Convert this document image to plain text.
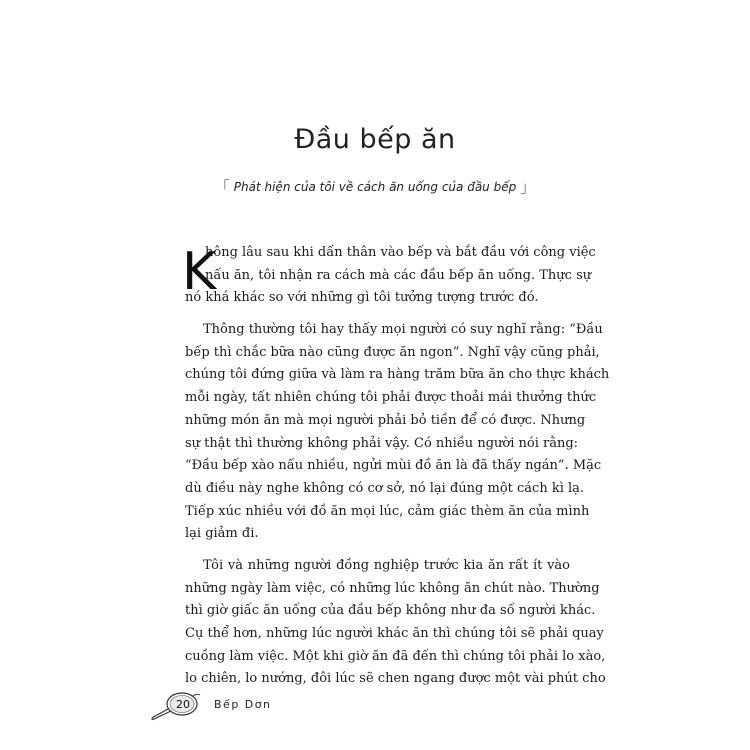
Đầu bếp ăn
「 Phát hiện của tôi về cách ăn uống của đầu bếp 」
K
hông lâu sau khi dấn thân vào bếp và bắt đầu với công việc
nấu ăn, tôi nhận ra cách mà các đầu bếp ăn uống. Thực sự
nó khá khác so với những gì tôi tưởng tượng trước đó.
Thông thường tôi hay thấy mọi người có suy nghĩ rằng: “Đầu
bếp thì chắc bữa nào cũng được ăn ngon”. Nghĩ vậy cũng phải,
chúng tôi đứng giữa và làm ra hàng trăm bữa ăn cho thực khách
mỗi ngày, tất nhiên chúng tôi phải được thoải mái thưởng thức
những món ăn mà mọi người phải bỏ tiền để có được. Nhưng
sự thật thì thường không phải vậy. Có nhiều người nói rằng:
“Đầu bếp xào nấu nhiều, ngửi mùi đồ ăn là đã thấy ngán”. Mặc
dù điều này nghe không có cơ sở, nó lại đúng một cách kì lạ.
Tiếp xúc nhiều với đồ ăn mọi lúc, cảm giác thèm ăn của mình
lại giảm đi.
Tôi và những người đồng nghiệp trước kia ăn rất ít vào
những ngày làm việc, có những lúc không ăn chút nào. Thường
thì giờ giấc ăn uống của đầu bếp không như đa số người khác.
Cụ thể hơn, những lúc người khác ăn thì chúng tôi sẽ phải quay
cuồng làm việc. Một khi giờ ăn đã đến thì chúng tôi phải lo xào,
lo chiên, lo nướng, đôi lúc sẽ chen ngang được một vài phút cho
20 Bếp Dơn
